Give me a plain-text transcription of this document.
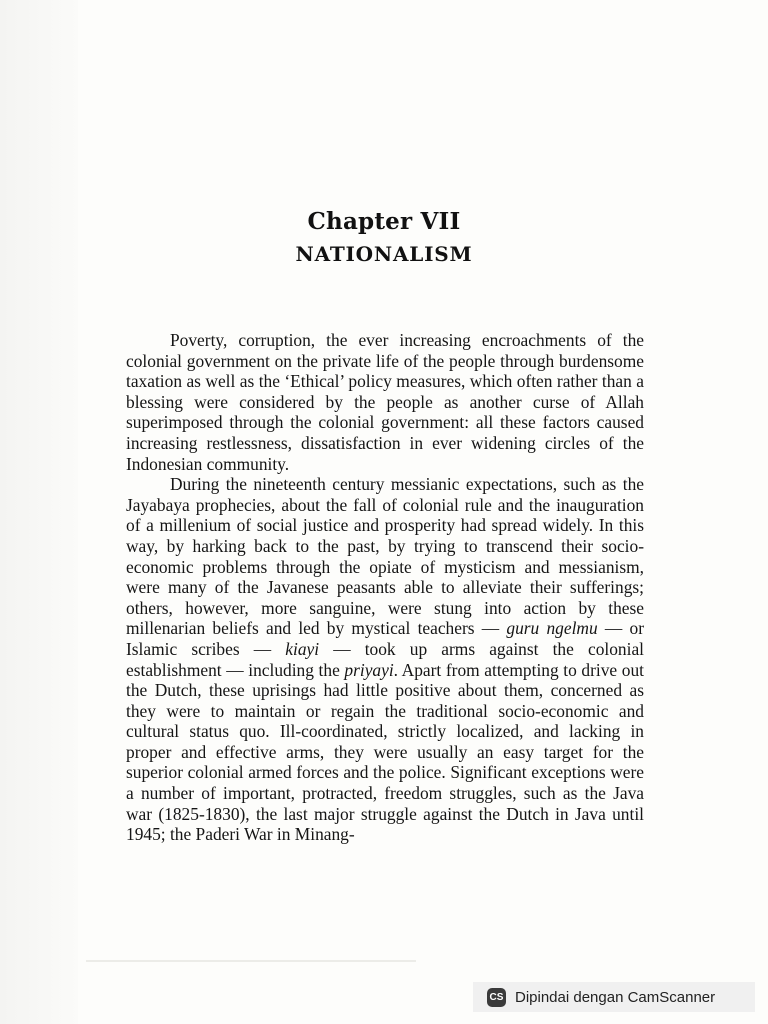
Chapter VII
NATIONALISM

Poverty, corruption, the ever increasing encroachments of the colonial government on the private life of the people through burdensome taxation as well as the ‘Ethical’ policy measures, which often rather than a blessing were considered by the people as another curse of Allah superimposed through the colonial government: all these factors caused increasing restlessness, dissatisfaction in ever widening circles of the Indonesian community.

During the nineteenth century messianic expectations, such as the Jayabaya prophecies, about the fall of colonial rule and the inauguration of a millenium of social justice and prosperity had spread widely. In this way, by harking back to the past, by trying to transcend their socio-economic problems through the opiate of mysticism and messianism, were many of the Javanese peasants able to alleviate their sufferings; others, however, more sanguine, were stung into action by these millenarian beliefs and led by mystical teachers — guru ngelmu — or Islamic scribes — kiayi — took up arms against the colonial establishment — including the priyayi. Apart from attempting to drive out the Dutch, these uprisings had little positive about them, concerned as they were to maintain or regain the traditional socio-economic and cultural status quo. Ill-coordinated, strictly localized, and lacking in proper and effective arms, they were usually an easy target for the superior colonial armed forces and the police. Significant exceptions were a number of important, protracted, freedom struggles, such as the Java war (1825-1830), the last major struggle against the Dutch in Java until 1945; the Paderi War in Minang-

CS Dipindai dengan CamScanner
